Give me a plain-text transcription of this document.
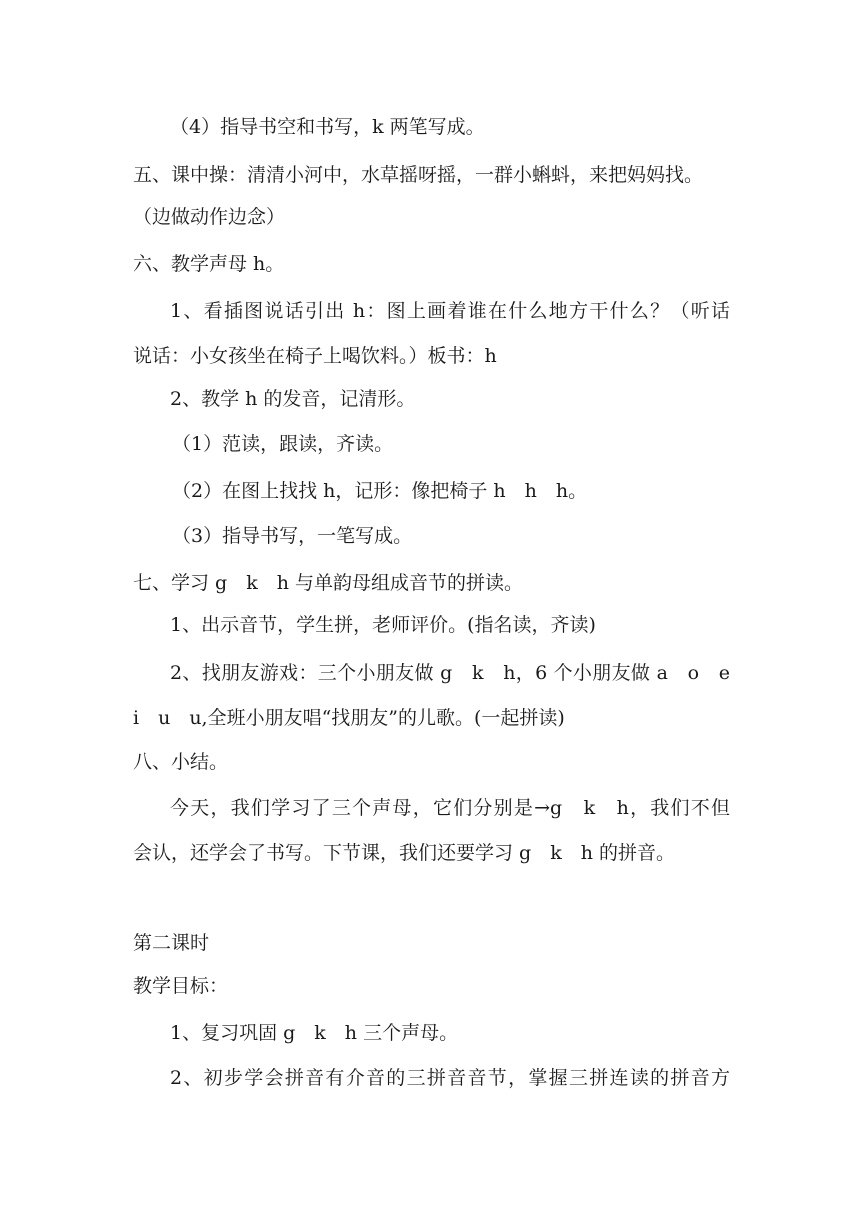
（4）指导书空和书写，k 两笔写成。
五、课中操：清清小河中，水草摇呀摇，一群小蝌蚪，来把妈妈找。
（边做动作边念）
六、教学声母 h。
1、看插图说话引出 h：图上画着谁在什么地方干什么？（听话
说话：小女孩坐在椅子上喝饮料。）板书：h
2、教学 h 的发音，记清形。
（1）范读，跟读，齐读。
（2）在图上找找 h，记形：像把椅子 h　h　h。
（3）指导书写，一笔写成。
七、学习 g　k　h 与单韵母组成音节的拼读。
1、出示音节，学生拼，老师评价。(指名读，齐读)
2、找朋友游戏：三个小朋友做 g　k　h，6 个小朋友做 a　o　e
i　u　u,全班小朋友唱“找朋友”的儿歌。(一起拼读)
八、小结。
今天，我们学习了三个声母，它们分别是→g　k　h，我们不但
会认，还学会了书写。下节课，我们还要学习 g　k　h 的拼音。
第二课时
教学目标：
1、复习巩固 g　k　h 三个声母。
2、初步学会拼音有介音的三拼音音节，掌握三拼连读的拼音方
